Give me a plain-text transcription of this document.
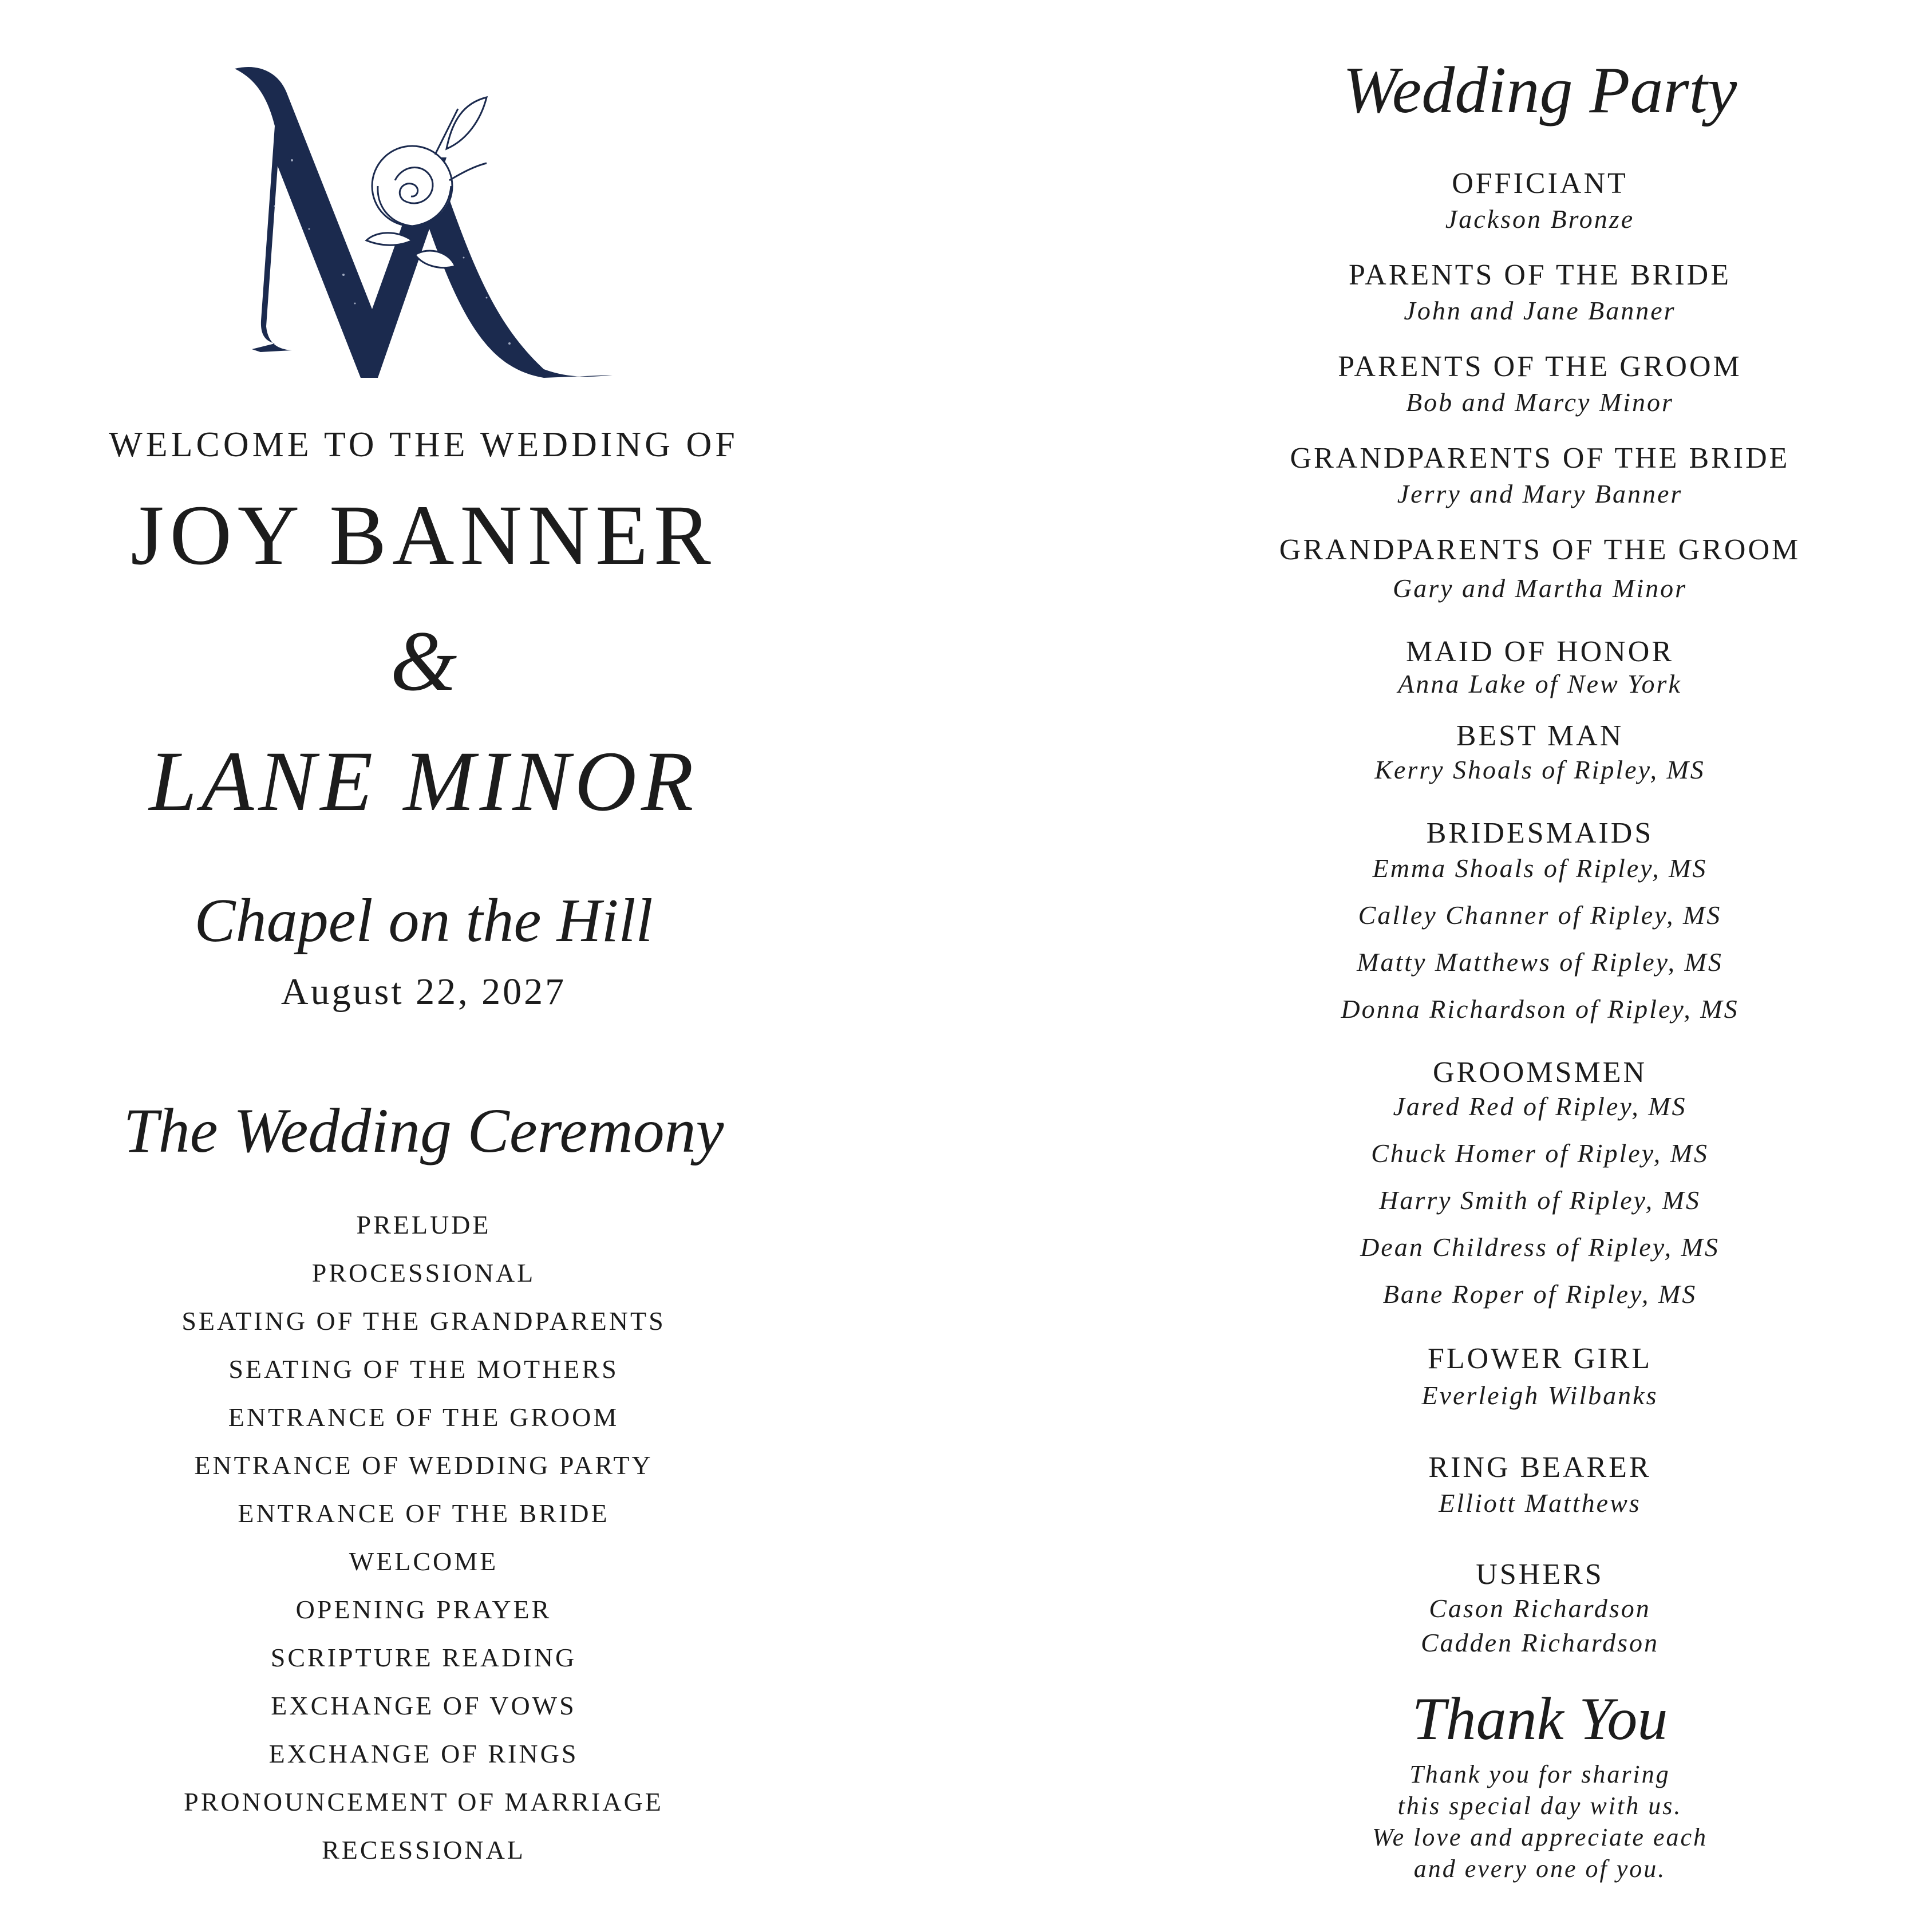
WELCOME TO THE WEDDING OF
JOY BANNER
&
LANE MINOR
Chapel on the Hill
August 22, 2027
The Wedding Ceremony
PRELUDE
PROCESSIONAL
SEATING OF THE GRANDPARENTS
SEATING OF THE MOTHERS
ENTRANCE OF THE GROOM
ENTRANCE OF WEDDING PARTY
ENTRANCE OF THE BRIDE
WELCOME
OPENING PRAYER
SCRIPTURE READING
EXCHANGE OF VOWS
EXCHANGE OF RINGS
PRONOUNCEMENT OF MARRIAGE
RECESSIONAL
Wedding Party
OFFICIANT
Jackson Bronze
PARENTS OF THE BRIDE
John and Jane Banner
PARENTS OF THE GROOM
Bob and Marcy Minor
GRANDPARENTS OF THE BRIDE
Jerry and Mary Banner
GRANDPARENTS OF THE GROOM
Gary and Martha Minor
MAID OF HONOR
Anna Lake of New York
BEST MAN
Kerry Shoals of Ripley, MS
BRIDESMAIDS
Emma Shoals of Ripley, MS
Calley Channer of Ripley, MS
Matty Matthews of Ripley, MS
Donna Richardson of Ripley, MS
GROOMSMEN
Jared Red of Ripley, MS
Chuck Homer of Ripley, MS
Harry Smith of Ripley, MS
Dean Childress of Ripley, MS
Bane Roper of Ripley, MS
FLOWER GIRL
Everleigh Wilbanks
RING BEARER
Elliott Matthews
USHERS
Cason Richardson
Cadden Richardson
Thank You
Thank you for sharing
this special day with us.
We love and appreciate each
and every one of you.
